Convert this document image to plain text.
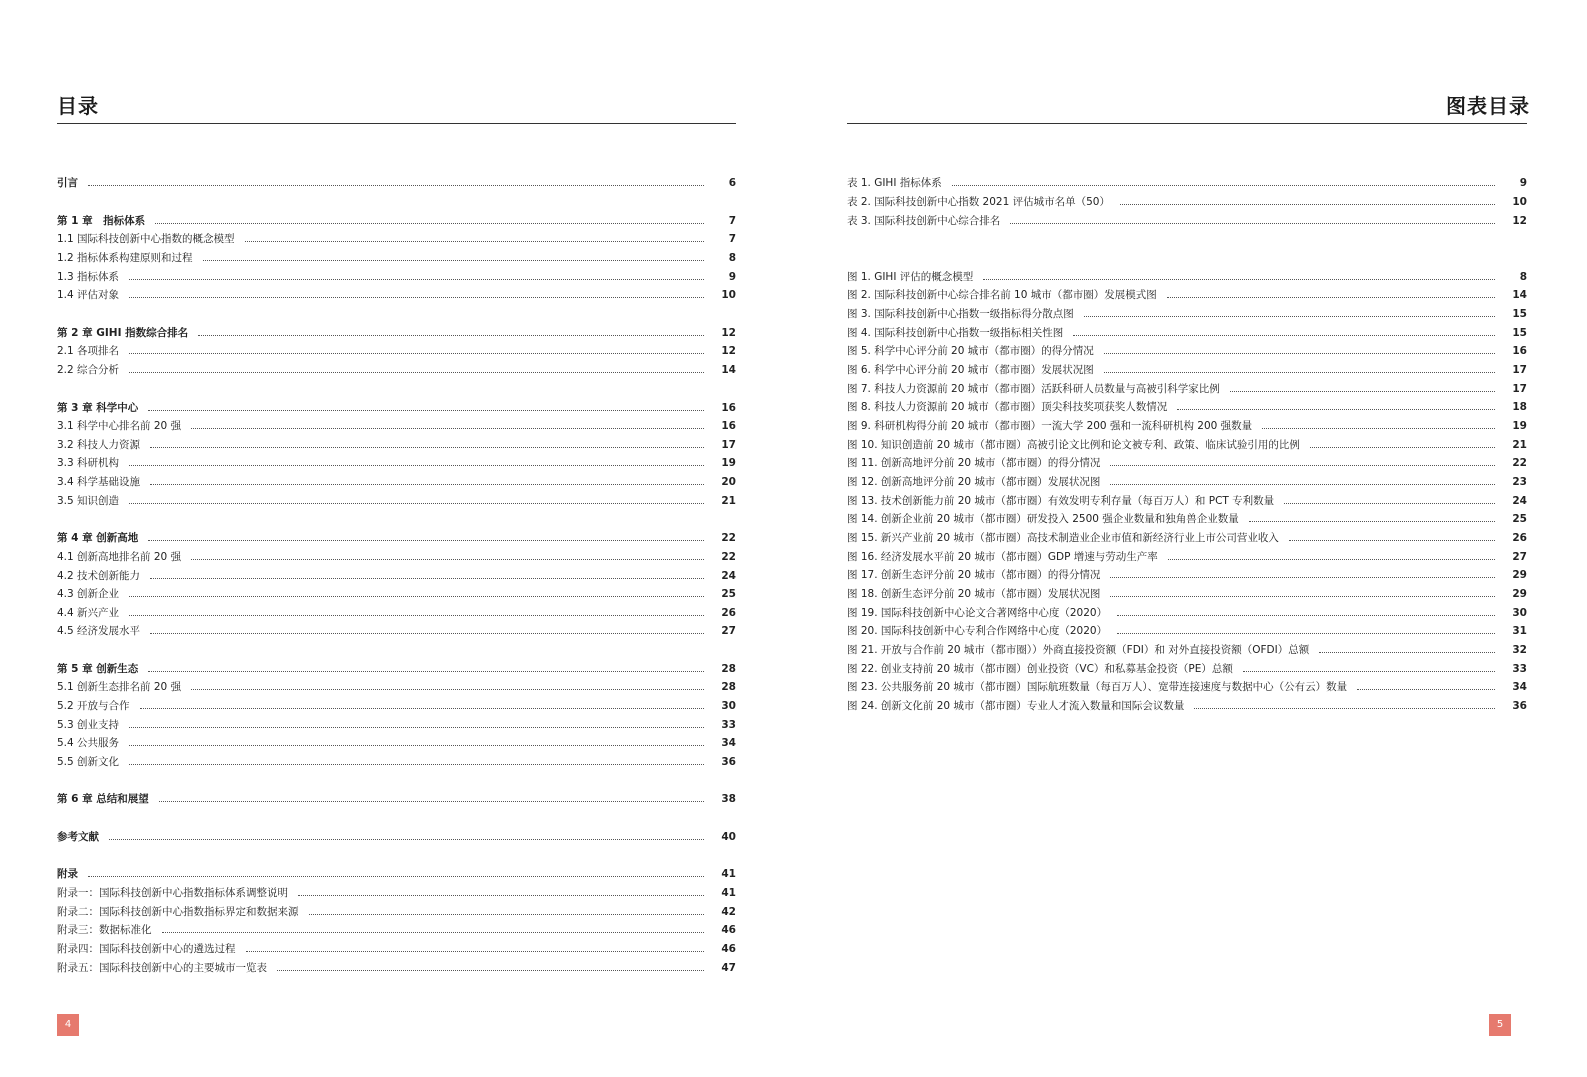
目录
引言	6
第 1 章　指标体系	7
1.1 国际科技创新中心指数的概念模型	7
1.2 指标体系构建原则和过程	8
1.3 指标体系	9
1.4 评估对象	10
第 2 章 GIHI 指数综合排名	12
2.1 各项排名	12
2.2 综合分析	14
第 3 章 科学中心	16
3.1 科学中心排名前 20 强	16
3.2 科技人力资源	17
3.3 科研机构	19
3.4 科学基础设施	20
3.5 知识创造	21
第 4 章 创新高地	22
4.1 创新高地排名前 20 强	22
4.2 技术创新能力	24
4.3 创新企业	25
4.4 新兴产业	26
4.5 经济发展水平	27
第 5 章 创新生态	28
5.1 创新生态排名前 20 强	28
5.2 开放与合作	30
5.3 创业支持	33
5.4 公共服务	34
5.5 创新文化	36
第 6 章 总结和展望	38
参考文献	40
附录	41
附录一：国际科技创新中心指数指标体系调整说明	41
附录二：国际科技创新中心指数指标界定和数据来源	42
附录三：数据标准化	46
附录四：国际科技创新中心的遴选过程	46
附录五：国际科技创新中心的主要城市一览表	47
4
图表目录
表 1. GIHI 指标体系	9
表 2. 国际科技创新中心指数 2021 评估城市名单（50）	10
表 3. 国际科技创新中心综合排名	12
图 1. GIHI 评估的概念模型	8
图 2. 国际科技创新中心综合排名前 10 城市（都市圈）发展模式图	14
图 3. 国际科技创新中心指数一级指标得分散点图	15
图 4. 国际科技创新中心指数一级指标相关性图	15
图 5. 科学中心评分前 20 城市（都市圈）的得分情况	16
图 6. 科学中心评分前 20 城市（都市圈）发展状况图	17
图 7. 科技人力资源前 20 城市（都市圈）活跃科研人员数量与高被引科学家比例	17
图 8. 科技人力资源前 20 城市（都市圈）顶尖科技奖项获奖人数情况	18
图 9. 科研机构得分前 20 城市（都市圈）一流大学 200 强和一流科研机构 200 强数量	19
图 10. 知识创造前 20 城市（都市圈）高被引论文比例和论文被专利、政策、临床试验引用的比例	21
图 11. 创新高地评分前 20 城市（都市圈）的得分情况	22
图 12. 创新高地评分前 20 城市（都市圈）发展状况图	23
图 13. 技术创新能力前 20 城市（都市圈）有效发明专利存量（每百万人）和 PCT 专利数量	24
图 14. 创新企业前 20 城市（都市圈）研发投入 2500 强企业数量和独角兽企业数量	25
图 15. 新兴产业前 20 城市（都市圈）高技术制造业企业市值和新经济行业上市公司营业收入	26
图 16. 经济发展水平前 20 城市（都市圈）GDP 增速与劳动生产率	27
图 17. 创新生态评分前 20 城市（都市圈）的得分情况	29
图 18. 创新生态评分前 20 城市（都市圈）发展状况图	29
图 19. 国际科技创新中心论文合著网络中心度（2020）	30
图 20. 国际科技创新中心专利合作网络中心度（2020）	31
图 21. 开放与合作前 20 城市（都市圈））外商直接投资额（FDI）和 对外直接投资额（OFDI）总额	32
图 22. 创业支持前 20 城市（都市圈）创业投资（VC）和私募基金投资（PE）总额	33
图 23. 公共服务前 20 城市（都市圈）国际航班数量（每百万人）、宽带连接速度与数据中心（公有云）数量	34
图 24. 创新文化前 20 城市（都市圈）专业人才流入数量和国际会议数量	36
5
